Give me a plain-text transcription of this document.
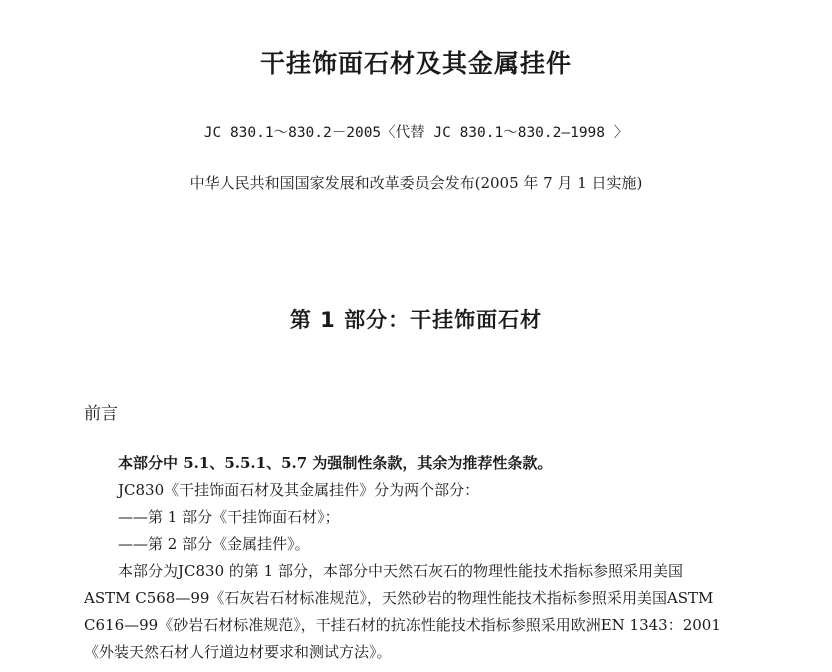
干挂饰面石材及其金属挂件
JC 830.1～830.2－2005〈代替 JC 830.1～830.2—1998 〉
中华人民共和国国家发展和改革委员会发布(2005 年 7 月 1 日实施)
第 1 部分：干挂饰面石材
前言

本部分中 5.1、5.5.1、5.7 为强制性条款，其余为推荐性条款。

JC830《干挂饰面石材及其金属挂件》分为两个部分：

——第 1 部分《干挂饰面石材》；

——第 2 部分《金属挂件》。

本部分为JC830 的第 1 部分，本部分中天然石灰石的物理性能技术指标参照采用美国

ASTM C568—99《石灰岩石材标准规范》，天然砂岩的物理性能技术指标参照采用美国ASTM

C616—99《砂岩石材标准规范》，干挂石材的抗冻性能技术指标参照采用欧洲EN 1343：2001

《外装天然石材人行道边材要求和测试方法》。
